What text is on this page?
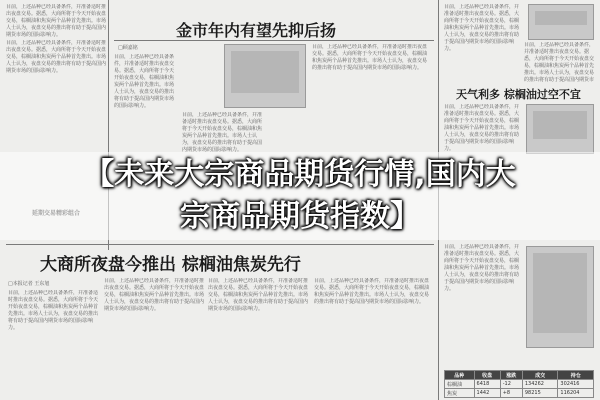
目前，上述品种已经具备条件，并准备适时推出夜盘交易。据悉，大商所将于今天开始夜盘交易，棕榈油和焦炭两个品种首先推出。市场人士认为，夜盘交易的推出将有助于提高国内期货市场的国际影响力。
目前，上述品种已经具备条件，并准备适时推出夜盘交易。据悉，大商所将于今天开始夜盘交易，棕榈油和焦炭两个品种首先推出。市场人士认为，夜盘交易的推出将有助于提高国内期货市场的国际影响力。
金市年内有望先抑后扬
□顾嘉铭
目前，上述品种已经具备条件，并准备适时推出夜盘交易。据悉，大商所将于今天开始夜盘交易，棕榈油和焦炭两个品种首先推出。市场人士认为，夜盘交易的推出将有助于提高国内期货市场的国际影响力。
目前，上述品种已经具备条件，并准备适时推出夜盘交易。据悉，大商所将于今天开始夜盘交易，棕榈油和焦炭两个品种首先推出。市场人士认为，夜盘交易的推出将有助于提高国内期货市场的国际影响力。
目前，上述品种已经具备条件，并准备适时推出夜盘交易。据悉，大商所将于今天开始夜盘交易，棕榈油和焦炭两个品种首先推出。市场人士认为，夜盘交易的推出将有助于提高国内期货市场的国际影响力。
目前，上述品种已经具备条件，并准备适时推出夜盘交易。据悉，大商所将于今天开始夜盘交易，棕榈油和焦炭两个品种首先推出。市场人士认为，夜盘交易的推出将有助于提高国内期货市场的国际影响力。
目前，上述品种已经具备条件，并准备适时推出夜盘交易。据悉，大商所将于今天开始夜盘交易，棕榈油和焦炭两个品种首先推出。市场人士认为，夜盘交易的推出将有助于提高国内期货市
天气利多 棕榈油过空不宜
目前，上述品种已经具备条件，并准备适时推出夜盘交易。据悉，大商所将于今天开始夜盘交易，棕榈油和焦炭两个品种首先推出。市场人士认为，夜盘交易的推出将有助于提高国内期货市场的国际影响力。
大商所夜盘今推出 棕榈油焦炭先行
□本报记者 王东旭
目前，上述品种已经具备条件，并准备适时推出夜盘交易。据悉，大商所将于今天开始夜盘交易，棕榈油和焦炭两个品种首先推出。市场人士认为，夜盘交易的推出将有助于提高国内期货市场的国际影响力。
目前，上述品种已经具备条件，并准备适时推出夜盘交易。据悉，大商所将于今天开始夜盘交易，棕榈油和焦炭两个品种首先推出。市场人士认为，夜盘交易的推出将有助于提高国内期货市场的国际影响力。
目前，上述品种已经具备条件，并准备适时推出夜盘交易。据悉，大商所将于今天开始夜盘交易，棕榈油和焦炭两个品种首先推出。市场人士认为，夜盘交易的推出将有助于提高国内期货市场的国际影响力。
目前，上述品种已经具备条件，并准备适时推出夜盘交易。据悉，大商所将于今天开始夜盘交易，棕榈油和焦炭两个品种首先推出。市场人士认为，夜盘交易的推出将有助于提高国内期货市场的国际影响力。
目前，上述品种已经具备条件，并准备适时推出夜盘交易。据悉，大商所将于今天开始夜盘交易，棕榈油和焦炭两个品种首先推出。市场人士认为，夜盘交易的推出将有助于提高国内期货市场的国际影响力。
品种	收盘	涨跌	成交	持仓
棕榈油	6418	-12	134262	302416
焦炭	1442	+8	98215	116204
【未来大宗商品期货行情,国内大
宗商品期货指数】
